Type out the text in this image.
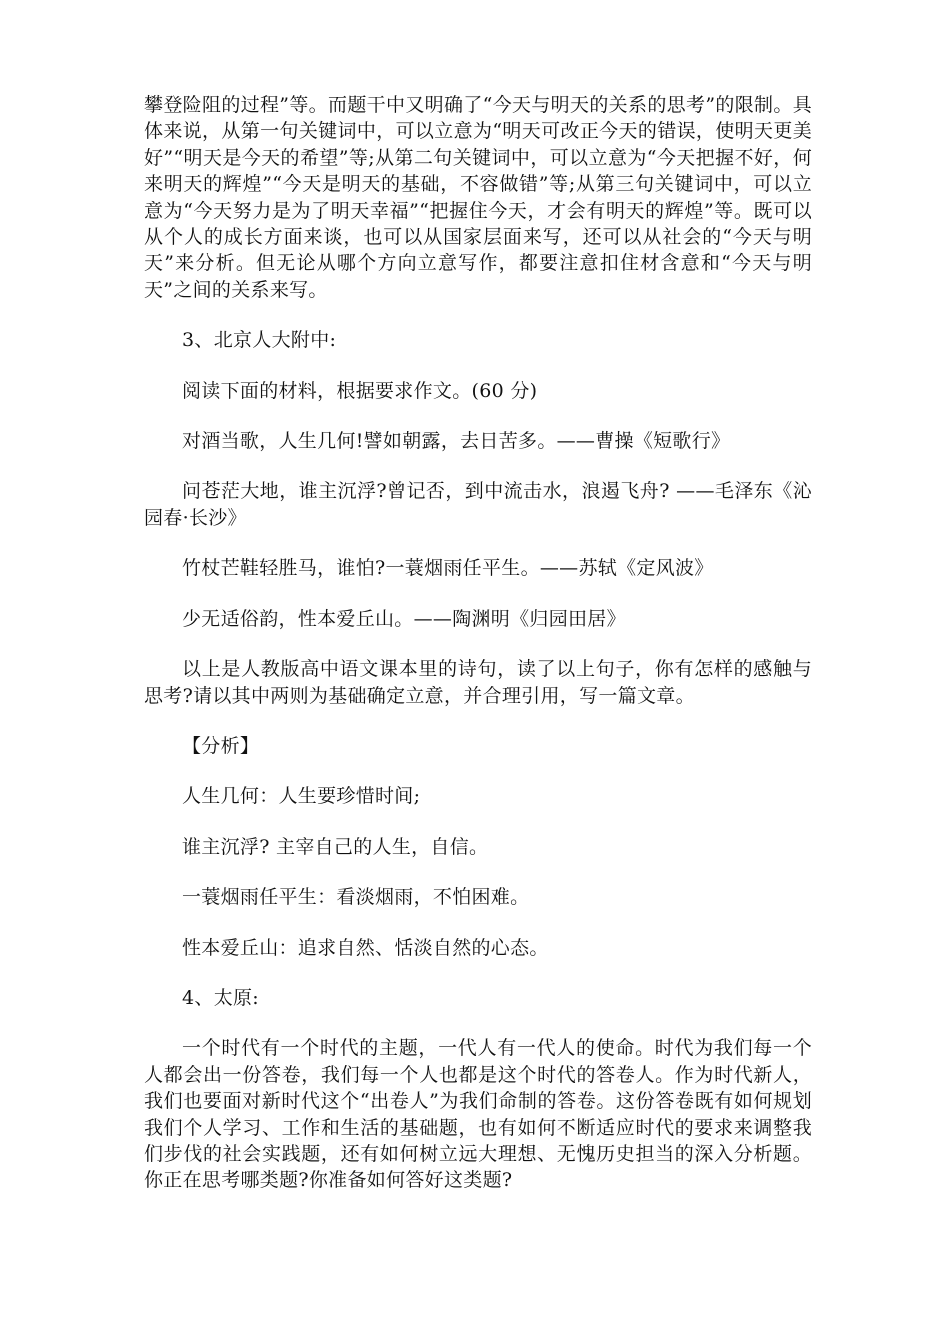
攀登险阻的过程”等。而题干中又明确了“今天与明天的关系的思考”的限制。具体来说，从第一句关键词中，可以立意为“明天可改正今天的错误，使明天更美好”“明天是今天的希望”等;从第二句关键词中，可以立意为“今天把握不好，何来明天的辉煌”“今天是明天的基础，不容做错”等;从第三句关键词中，可以立意为“今天努力是为了明天幸福”“把握住今天，才会有明天的辉煌”等。既可以从个人的成长方面来谈，也可以从国家层面来写，还可以从社会的“今天与明天”来分析。但无论从哪个方向立意写作，都要注意扣住材含意和“今天与明天”之间的关系来写。

3、北京人大附中:

阅读下面的材料，根据要求作文。(60 分)

对酒当歌，人生几何!譬如朝露，去日苦多。——曹操《短歌行》

问苍茫大地，谁主沉浮?曾记否，到中流击水，浪遏飞舟? ——毛泽东《沁园春·长沙》

竹杖芒鞋轻胜马，谁怕?一蓑烟雨任平生。——苏轼《定风波》

少无适俗韵，性本爱丘山。——陶渊明《归园田居》

以上是人教版高中语文课本里的诗句，读了以上句子，你有怎样的感触与思考?请以其中两则为基础确定立意，并合理引用，写一篇文章。

【分析】

人生几何：人生要珍惜时间;

谁主沉浮? 主宰自己的人生，自信。

一蓑烟雨任平生：看淡烟雨，不怕困难。

性本爱丘山：追求自然、恬淡自然的心态。

4、太原:

一个时代有一个时代的主题，一代人有一代人的使命。时代为我们每一个人都会出一份答卷，我们每一个人也都是这个时代的答卷人。作为时代新人，我们也要面对新时代这个“出卷人”为我们命制的答卷。这份答卷既有如何规划我们个人学习、工作和生活的基础题，也有如何不断适应时代的要求来调整我们步伐的社会实践题，还有如何树立远大理想、无愧历史担当的深入分析题。你正在思考哪类题?你准备如何答好这类题?
